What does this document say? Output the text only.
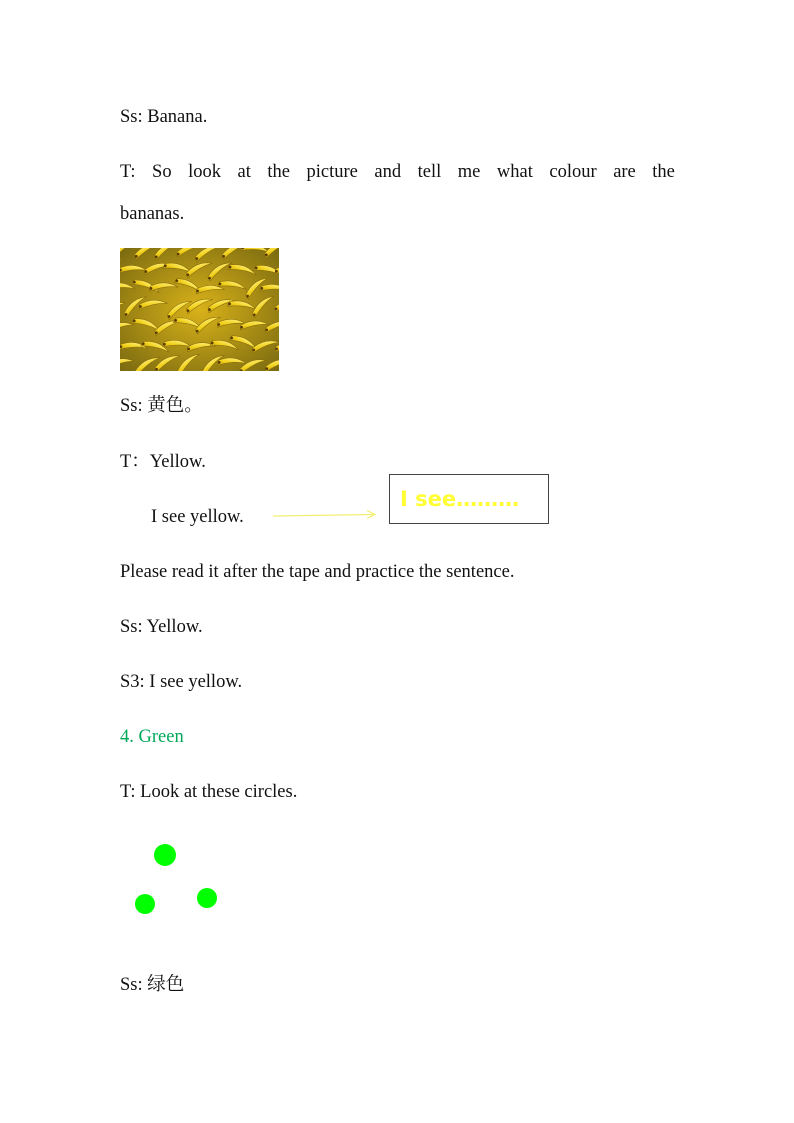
Ss: Banana.
T: So look at the picture and tell me what colour are the
bananas.
Ss: 黄色。
T：Yellow.
I see yellow.
I see………
Please read it after the tape and practice the sentence.
Ss: Yellow.
S3: I see yellow.
4. Green
T: Look at these circles.
Ss: 绿色
